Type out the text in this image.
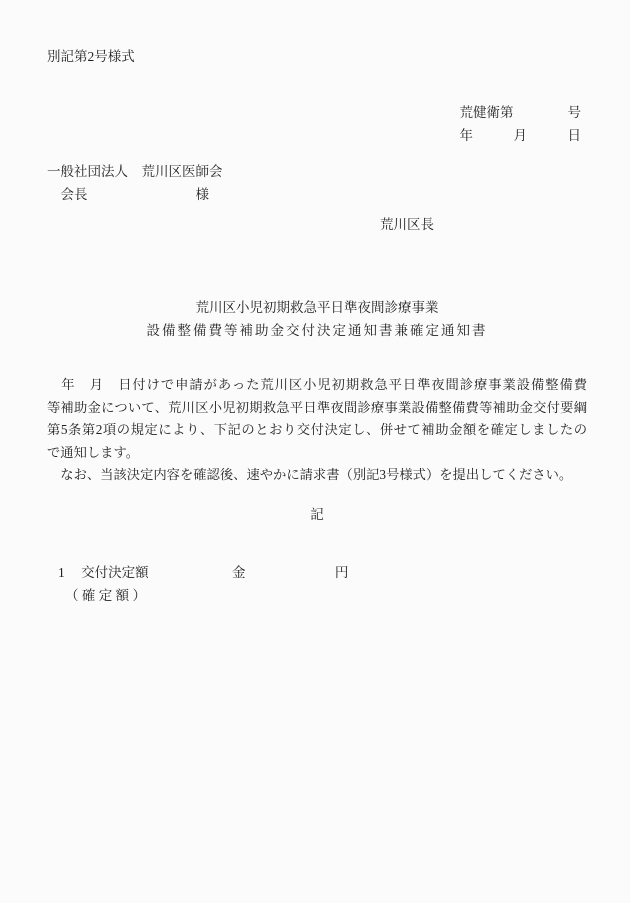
別記第2号様式
荒健衛第　　　　号
年　　　月　　　日
一般社団法人　荒川区医師会
　会長　　　　　　　　様
荒川区長
荒川区小児初期救急平日準夜間診療事業
設備整備費等補助金交付決定通知書兼確定通知書
　年　月　日付けで申請があった荒川区小児初期救急平日準夜間診療事業設備整備費
等補助金について、荒川区小児初期救急平日準夜間診療事業設備整備費等補助金交付要綱
第5条第2項の規定により、下記のとおり交付決定し、併せて補助金額を確定しましたの
で通知します。
　なお、当該決定内容を確認後、速やかに請求書（別記3号様式）を提出してください。
記
1 交付決定額	金	円
（ 確 定 額 ）
